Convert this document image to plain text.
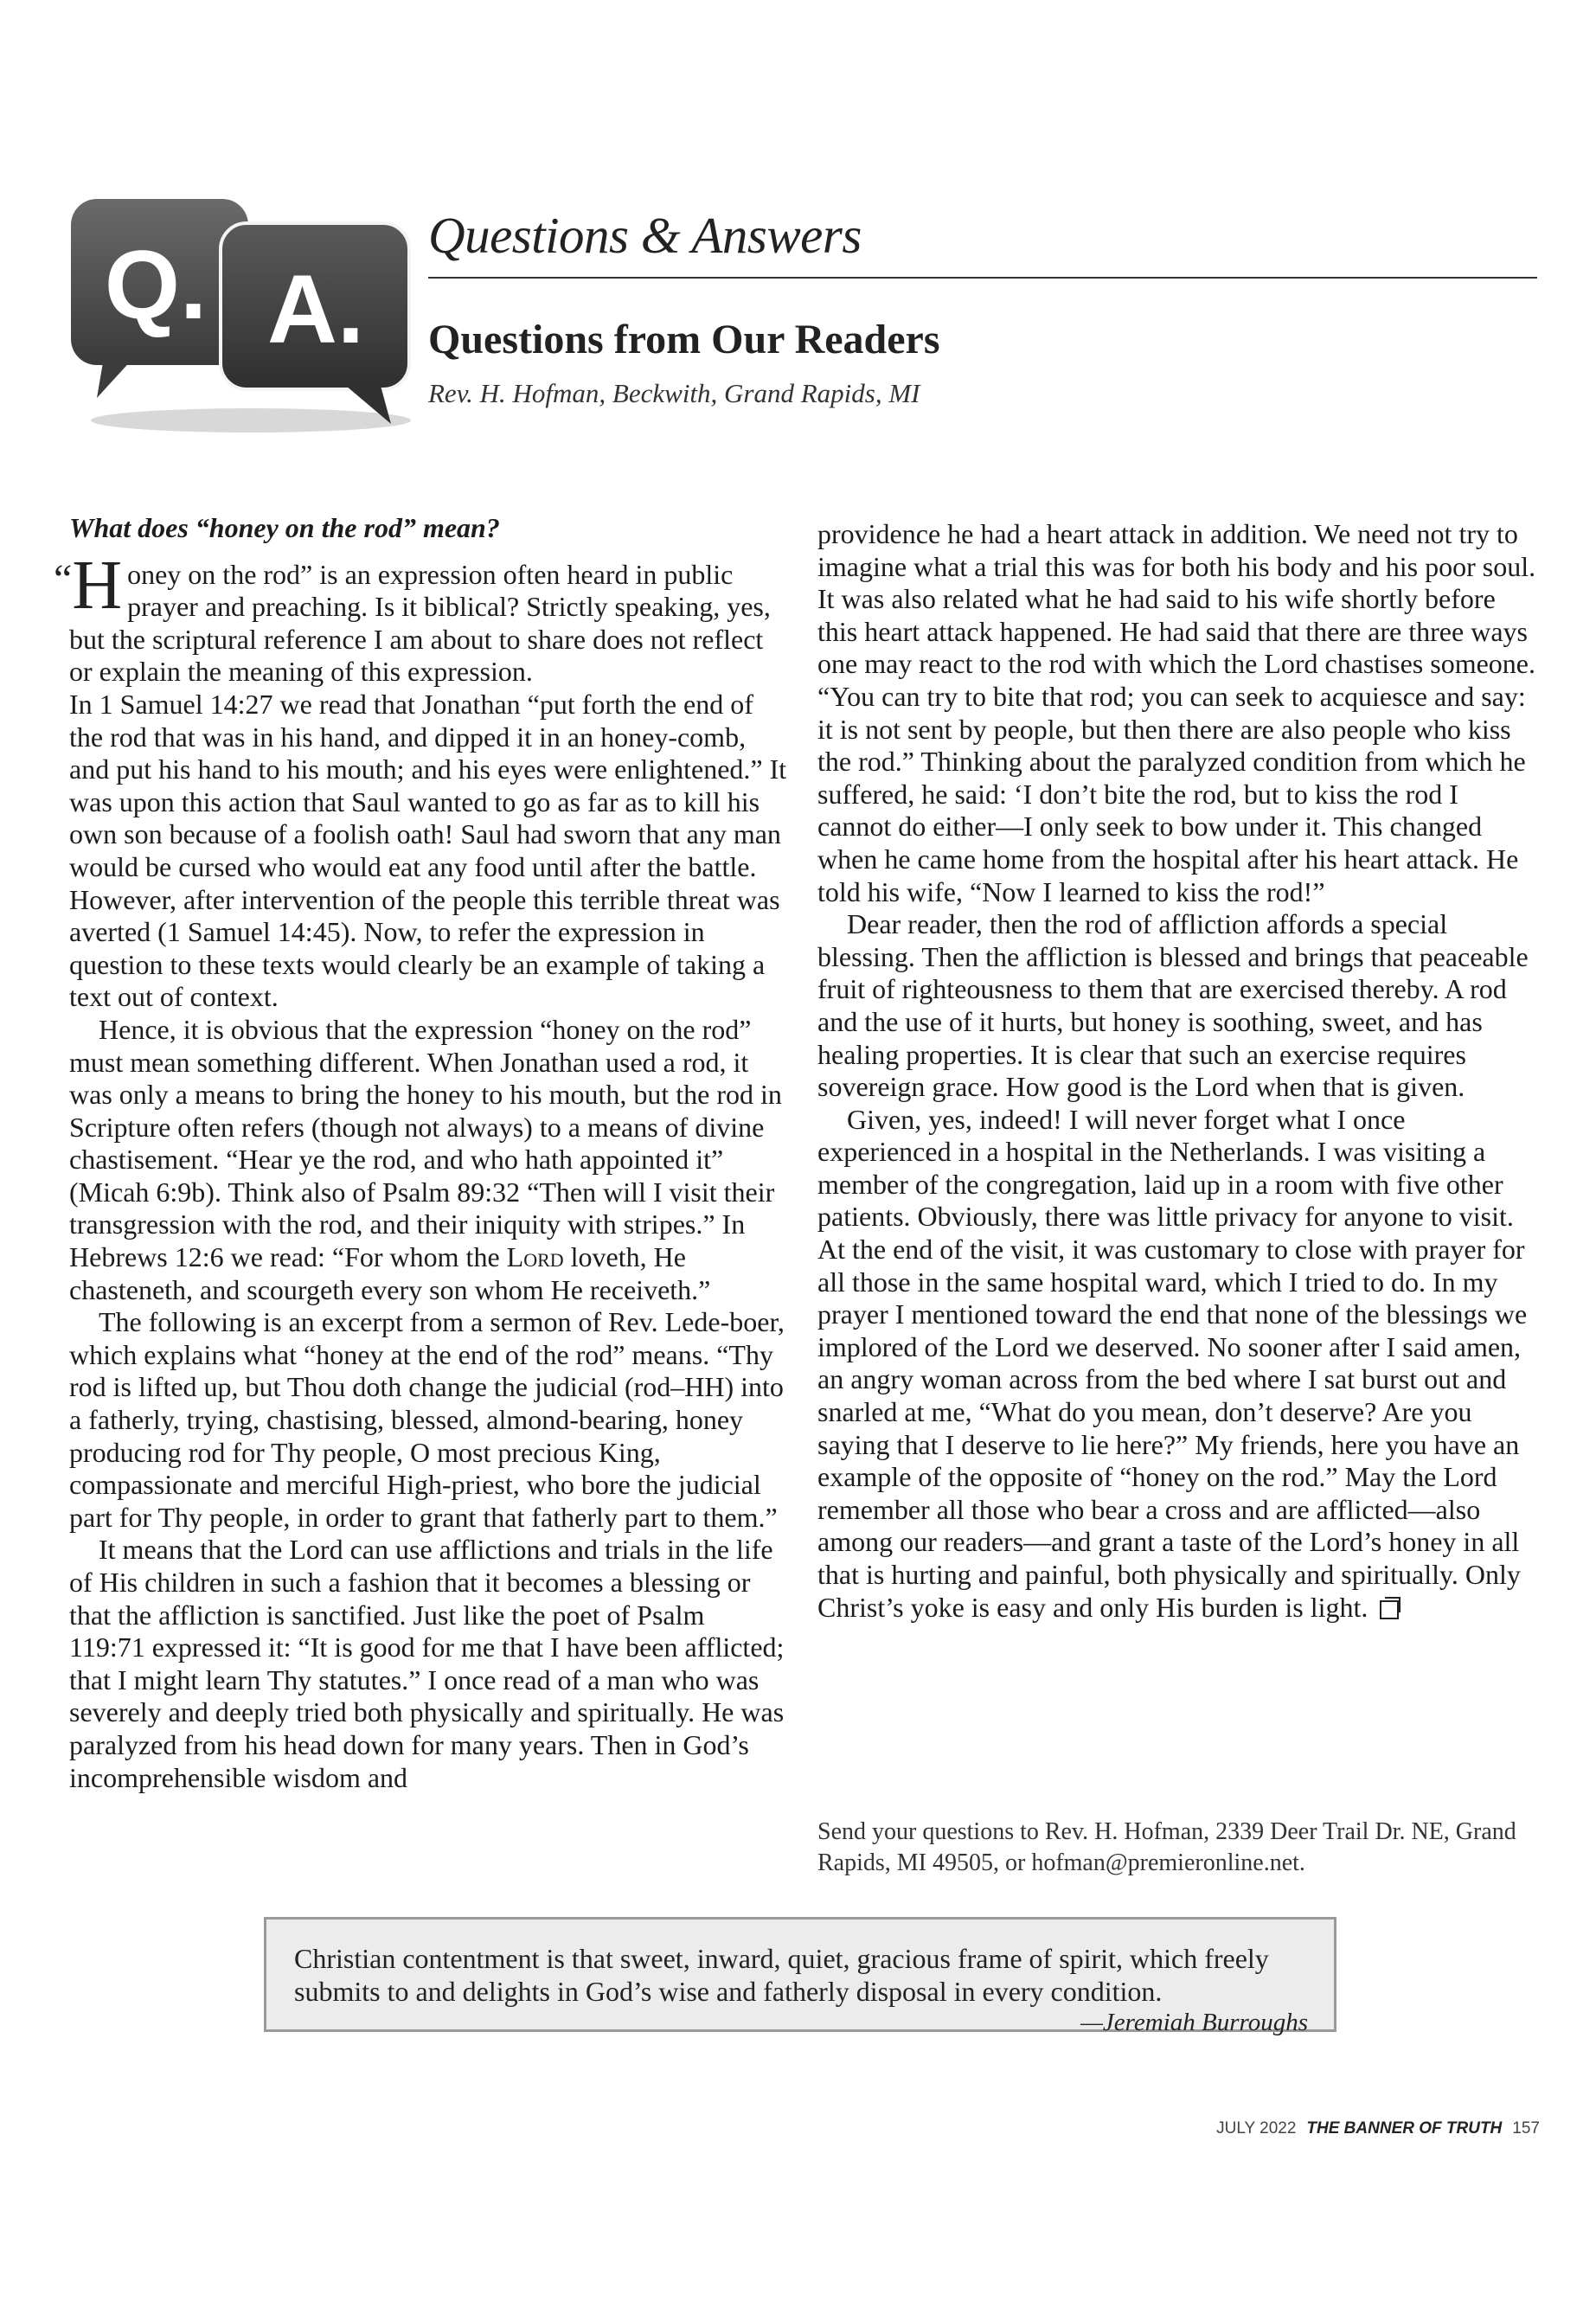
Q. A.
Questions & Answers
Questions from Our Readers
Rev. H. Hofman, Beckwith, Grand Rapids, MI
What does “honey on the rod” mean?

“H oney on the rod” is an expression often heard in public prayer and preaching. Is it biblical? Strictly speaking, yes, but the scriptural reference I am about to share does not reflect or explain the meaning of this expression.

In 1 Samuel 14:27 we read that Jonathan “put forth the end of the rod that was in his hand, and dipped it in an honey-comb, and put his hand to his mouth; and his eyes were enlightened.” It was upon this action that Saul wanted to go as far as to kill his own son because of a foolish oath! Saul had sworn that any man would be cursed who would eat any food until after the battle. However, after intervention of the people this terrible threat was averted (1 Samuel 14:45). Now, to refer the expression in question to these texts would clearly be an example of taking a text out of context.

Hence, it is obvious that the expression “honey on the rod” must mean something different. When Jonathan used a rod, it was only a means to bring the honey to his mouth, but the rod in Scripture often refers (though not always) to a means of divine chastisement. “Hear ye the rod, and who hath appointed it” (Micah 6:9b). Think also of Psalm 89:32 “Then will I visit their transgression with the rod, and their iniquity with stripes.” In Hebrews 12:6 we read: “For whom the Lord loveth, He chasteneth, and scourgeth every son whom He receiveth.”

The following is an excerpt from a sermon of Rev. Lede-boer, which explains what “honey at the end of the rod” means. “Thy rod is lifted up, but Thou doth change the judicial (rod–HH) into a fatherly, trying, chastising, blessed, almond-bearing, honey producing rod for Thy people, O most precious King, compassionate and merciful High-priest, who bore the judicial part for Thy people, in order to grant that fatherly part to them.”

It means that the Lord can use afflictions and trials in the life of His children in such a fashion that it becomes a blessing or that the affliction is sanctified. Just like the poet of Psalm 119:71 expressed it: “It is good for me that I have been afflicted; that I might learn Thy statutes.” I once read of a man who was severely and deeply tried both physically and spiritually. He was paralyzed from his head down for many years. Then in God’s incomprehensible wisdom and

providence he had a heart attack in addition. We need not try to imagine what a trial this was for both his body and his poor soul. It was also related what he had said to his wife shortly before this heart attack happened. He had said that there are three ways one may react to the rod with which the Lord chastises someone. “You can try to bite that rod; you can seek to acquiesce and say: it is not sent by people, but then there are also people who kiss the rod.” Thinking about the paralyzed condition from which he suffered, he said: ‘I don’t bite the rod, but to kiss the rod I cannot do either—I only seek to bow under it. This changed when he came home from the hospital after his heart attack. He told his wife, “Now I learned to kiss the rod!”

Dear reader, then the rod of affliction affords a special blessing. Then the affliction is blessed and brings that peaceable fruit of righteousness to them that are exercised thereby. A rod and the use of it hurts, but honey is soothing, sweet, and has healing properties. It is clear that such an exercise requires sovereign grace. How good is the Lord when that is given.

Given, yes, indeed! I will never forget what I once experienced in a hospital in the Netherlands. I was visiting a member of the congregation, laid up in a room with five other patients. Obviously, there was little privacy for anyone to visit. At the end of the visit, it was customary to close with prayer for all those in the same hospital ward, which I tried to do. In my prayer I mentioned toward the end that none of the blessings we implored of the Lord we deserved. No sooner after I said amen, an angry woman across from the bed where I sat burst out and snarled at me, “What do you mean, don’t deserve? Are you saying that I deserve to lie here?” My friends, here you have an example of the opposite of “honey on the rod.” May the Lord remember all those who bear a cross and are afflicted—also among our readers—and grant a taste of the Lord’s honey in all that is hurting and painful, both physically and spiritually. Only Christ’s yoke is easy and only His burden is light.

Send your questions to Rev. H. Hofman, 2339 Deer Trail Dr. NE, Grand Rapids, MI 49505, or hofman@premieronline.net.
Christian contentment is that sweet, inward, quiet, gracious frame of spirit, which freely submits to and delights in God’s wise and fatherly disposal in every condition.
—Jeremiah Burroughs
JULY 2022 THE BANNER OF TRUTH 157
